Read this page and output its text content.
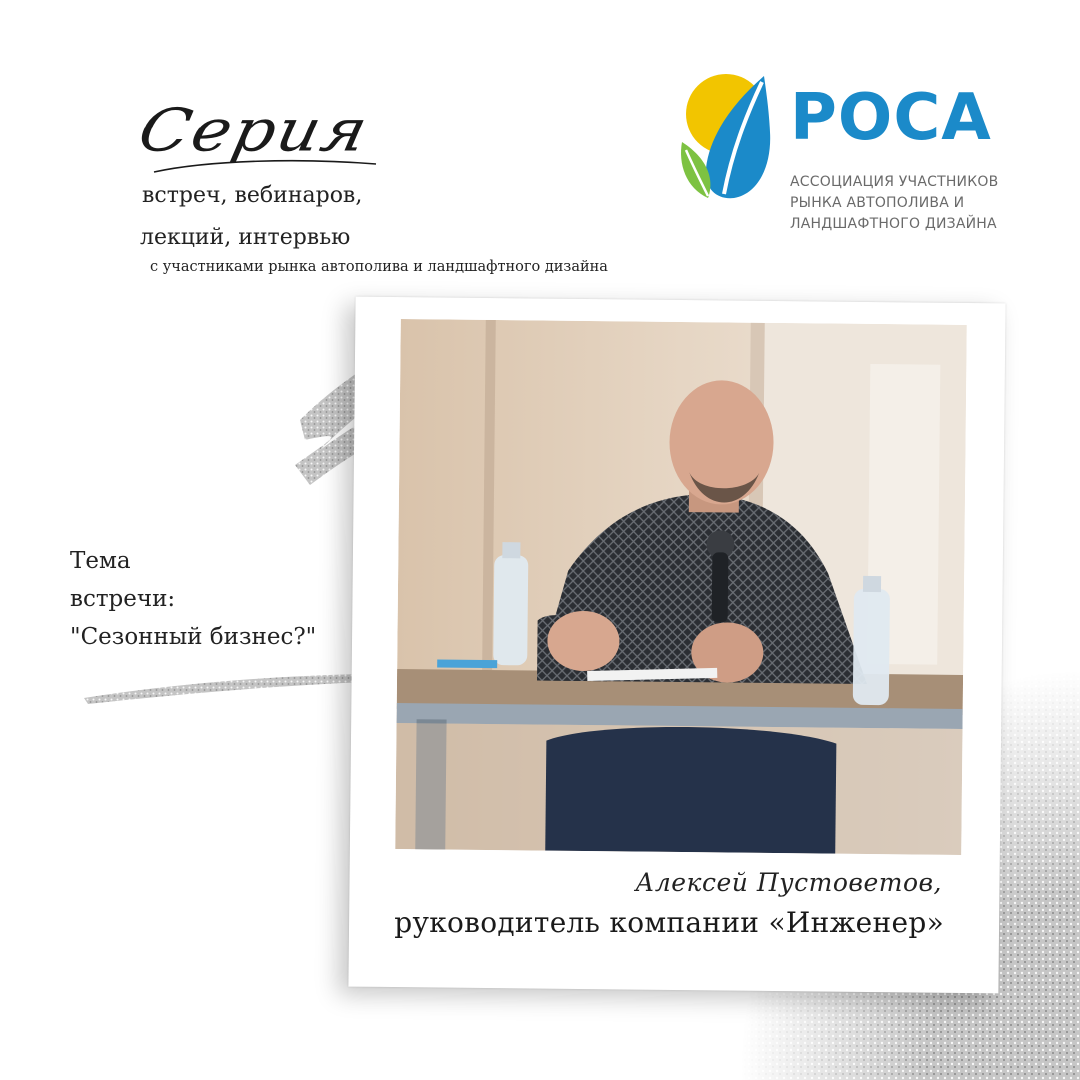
Серия
встреч, вебинаров,
лекций, интервью
с участниками рынка автополива и ландшафтного дизайна
РОСА
АССОЦИАЦИЯ УЧАСТНИКОВ
РЫНКА АВТОПОЛИВА И
ЛАНДШАФТНОГО ДИЗАЙНА
Тема
встречи:
"Сезонный бизнес?"
Алексей Пустоветов,
руководитель компании «Инженер»
